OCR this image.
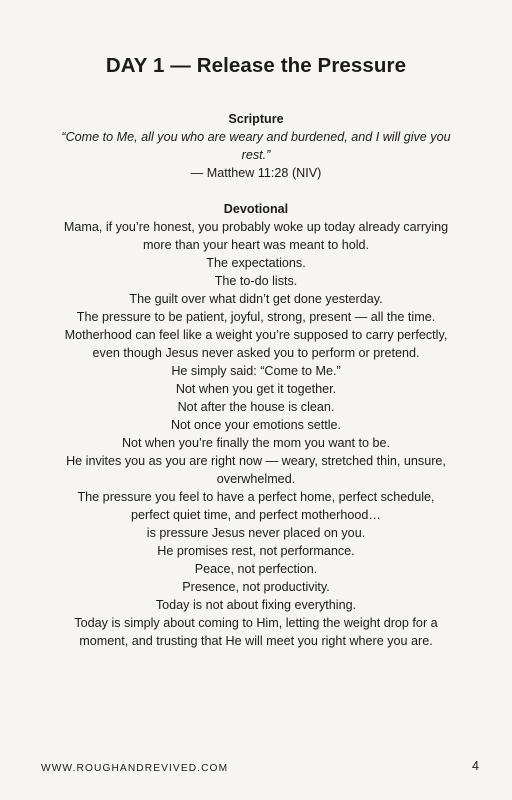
DAY 1 — Release the Pressure
Scripture
“Come to Me, all you who are weary and burdened, and I will give you rest.”
— Matthew 11:28 (NIV)
Devotional
Mama, if you’re honest, you probably woke up today already carrying more than your heart was meant to hold.
The expectations.
The to-do lists.
The guilt over what didn’t get done yesterday.
The pressure to be patient, joyful, strong, present — all the time.
Motherhood can feel like a weight you’re supposed to carry perfectly, even though Jesus never asked you to perform or pretend.
He simply said: “Come to Me.”
Not when you get it together.
Not after the house is clean.
Not once your emotions settle.
Not when you’re finally the mom you want to be.
He invites you as you are right now — weary, stretched thin, unsure, overwhelmed.
The pressure you feel to have a perfect home, perfect schedule, perfect quiet time, and perfect motherhood…
is pressure Jesus never placed on you.
He promises rest, not performance.
Peace, not perfection.
Presence, not productivity.
Today is not about fixing everything.
Today is simply about coming to Him, letting the weight drop for a moment, and trusting that He will meet you right where you are.
WWW.ROUGHANDREVIVED.COM	4
